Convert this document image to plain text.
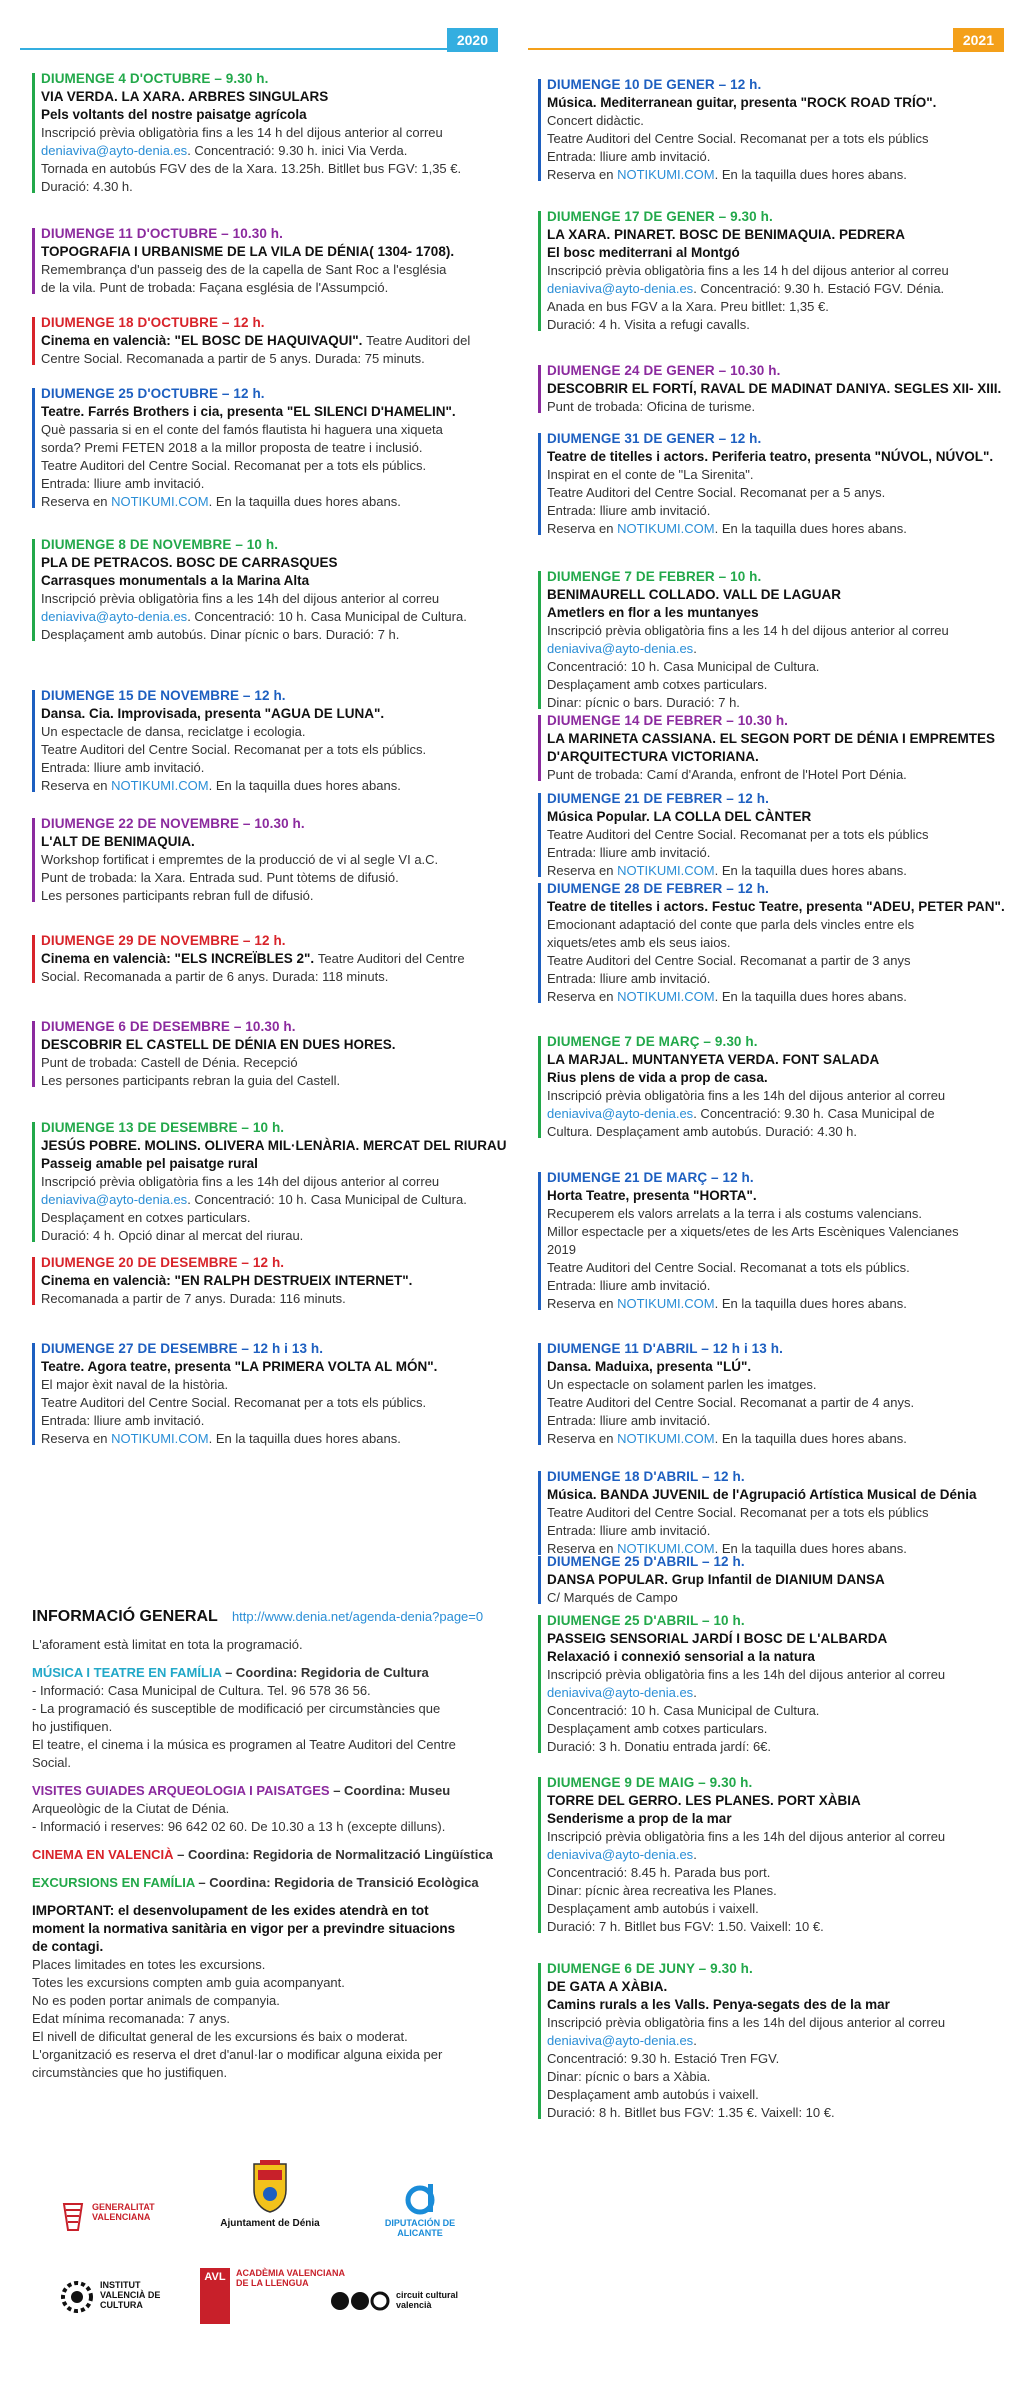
2020	2021
DIUMENGE 4 D'OCTUBRE – 9.30 h.
VIA VERDA. LA XARA. ARBRES SINGULARS
Pels voltants del nostre paisatge agrícola
Inscripció prèvia obligatòria fins a les 14 h del dijous anterior al correu
deniaviva@ayto-denia.es. Concentració: 9.30 h. inici Via Verda.
Tornada en autobús FGV des de la Xara. 13.25h. Bitllet bus FGV: 1,35 €.
Duració: 4.30 h.
DIUMENGE 11 D'OCTUBRE – 10.30 h.
TOPOGRAFIA I URBANISME DE LA VILA DE DÉNIA( 1304- 1708).
Remembrança d'un passeig des de la capella de Sant Roc a l'església
de la vila. Punt de trobada: Façana església de l'Assumpció.
DIUMENGE 18 D'OCTUBRE – 12 h.
Cinema en valencià: "EL BOSC DE HAQUIVAQUI". Teatre Auditori del
Centre Social. Recomanada a partir de 5 anys. Durada: 75 minuts.
DIUMENGE 25 D'OCTUBRE – 12 h.
Teatre. Farrés Brothers i cia, presenta "EL SILENCI D'HAMELIN".
Què passaria si en el conte del famós flautista hi haguera una xiqueta
sorda? Premi FETEN 2018 a la millor proposta de teatre i inclusió.
Teatre Auditori del Centre Social. Recomanat per a tots els públics.
Entrada: lliure amb invitació.
Reserva en NOTIKUMI.COM. En la taquilla dues hores abans.
DIUMENGE 8 DE NOVEMBRE – 10 h.
PLA DE PETRACOS. BOSC DE CARRASQUES
Carrasques monumentals a la Marina Alta
Inscripció prèvia obligatòria fins a les 14h del dijous anterior al correu
deniaviva@ayto-denia.es. Concentració: 10 h. Casa Municipal de Cultura.
Desplaçament amb autobús. Dinar pícnic o bars. Duració: 7 h.
DIUMENGE 15 DE NOVEMBRE – 12 h.
Dansa. Cia. Improvisada, presenta "AGUA DE LUNA".
Un espectacle de dansa, reciclatge i ecologia.
Teatre Auditori del Centre Social. Recomanat per a tots els públics.
Entrada: lliure amb invitació.
Reserva en NOTIKUMI.COM. En la taquilla dues hores abans.
DIUMENGE 22 DE NOVEMBRE – 10.30 h.
L'ALT DE BENIMAQUIA.
Workshop fortificat i empremtes de la producció de vi al segle VI a.C.
Punt de trobada: la Xara. Entrada sud. Punt tòtems de difusió.
Les persones participants rebran full de difusió.
DIUMENGE 29 DE NOVEMBRE – 12 h.
Cinema en valencià: "ELS INCREÏBLES 2". Teatre Auditori del Centre
Social. Recomanada a partir de 6 anys. Durada: 118 minuts.
DIUMENGE 6 DE DESEMBRE – 10.30 h.
DESCOBRIR EL CASTELL DE DÉNIA EN DUES HORES.
Punt de trobada: Castell de Dénia. Recepció
Les persones participants rebran la guia del Castell.
DIUMENGE 13 DE DESEMBRE – 10 h.
JESÚS POBRE. MOLINS. OLIVERA MIL·LENÀRIA. MERCAT DEL RIURAU
Passeig amable pel paisatge rural
Inscripció prèvia obligatòria fins a les 14h del dijous anterior al correu
deniaviva@ayto-denia.es. Concentració: 10 h. Casa Municipal de Cultura.
Desplaçament en cotxes particulars.
Duració: 4 h. Opció dinar al mercat del riurau.
DIUMENGE 20 DE DESEMBRE – 12 h.
Cinema en valencià: "EN RALPH DESTRUEIX INTERNET".
Recomanada a partir de 7 anys. Durada: 116 minuts.
DIUMENGE 27 DE DESEMBRE – 12 h i 13 h.
Teatre. Agora teatre, presenta "LA PRIMERA VOLTA AL MÓN".
El major èxit naval de la història.
Teatre Auditori del Centre Social. Recomanat per a tots els públics.
Entrada: lliure amb invitació.
Reserva en NOTIKUMI.COM. En la taquilla dues hores abans.
DIUMENGE 10 DE GENER – 12 h.
Música. Mediterranean guitar, presenta "ROCK ROAD TRÍO".
Concert didàctic.
Teatre Auditori del Centre Social. Recomanat per a tots els públics
Entrada: lliure amb invitació.
Reserva en NOTIKUMI.COM. En la taquilla dues hores abans.
DIUMENGE 17 DE GENER – 9.30 h.
LA XARA. PINARET. BOSC DE BENIMAQUIA. PEDRERA
El bosc mediterrani al Montgó
Inscripció prèvia obligatòria fins a les 14 h del dijous anterior al correu
deniaviva@ayto-denia.es. Concentració: 9.30 h. Estació FGV. Dénia.
Anada en bus FGV a la Xara. Preu bitllet: 1,35 €.
Duració: 4 h. Visita a refugi cavalls.
DIUMENGE 24 DE GENER – 10.30 h.
DESCOBRIR EL FORTÍ, RAVAL DE MADINAT DANIYA. SEGLES XII- XIII.
Punt de trobada: Oficina de turisme.
DIUMENGE 31 DE GENER – 12 h.
Teatre de titelles i actors. Periferia teatro, presenta "NÚVOL, NÚVOL".
Inspirat en el conte de "La Sirenita".
Teatre Auditori del Centre Social. Recomanat per a 5 anys.
Entrada: lliure amb invitació.
Reserva en NOTIKUMI.COM. En la taquilla dues hores abans.
DIUMENGE 7 DE FEBRER – 10 h.
BENIMAURELL COLLADO. VALL DE LAGUAR
Ametlers en flor a les muntanyes
Inscripció prèvia obligatòria fins a les 14 h del dijous anterior al correu
deniaviva@ayto-denia.es.
Concentració: 10 h. Casa Municipal de Cultura.
Desplaçament amb cotxes particulars.
Dinar: pícnic o bars. Duració: 7 h.
DIUMENGE 14 DE FEBRER – 10.30 h.
LA MARINETA CASSIANA. EL SEGON PORT DE DÉNIA I EMPREMTES
D'ARQUITECTURA VICTORIANA.
Punt de trobada: Camí d'Aranda, enfront de l'Hotel Port Dénia.
DIUMENGE 21 DE FEBRER – 12 h.
Música Popular. LA COLLA DEL CÀNTER
Teatre Auditori del Centre Social. Recomanat per a tots els públics
Entrada: lliure amb invitació.
Reserva en NOTIKUMI.COM. En la taquilla dues hores abans.
DIUMENGE 28 DE FEBRER – 12 h.
Teatre de titelles i actors. Festuc Teatre, presenta "ADEU, PETER PAN".
Emocionant adaptació del conte que parla dels vincles entre els
xiquets/etes amb els seus iaios.
Teatre Auditori del Centre Social. Recomanat a partir de 3 anys
Entrada: lliure amb invitació.
Reserva en NOTIKUMI.COM. En la taquilla dues hores abans.
DIUMENGE 7 DE MARÇ – 9.30 h.
LA MARJAL. MUNTANYETA VERDA. FONT SALADA
Rius plens de vida a prop de casa.
Inscripció prèvia obligatòria fins a les 14h del dijous anterior al correu
deniaviva@ayto-denia.es. Concentració: 9.30 h. Casa Municipal de
Cultura. Desplaçament amb autobús. Duració: 4.30 h.
DIUMENGE 21 DE MARÇ – 12 h.
Horta Teatre, presenta "HORTA".
Recuperem els valors arrelats a la terra i als costums valencians.
Millor espectacle per a xiquets/etes de les Arts Escèniques Valencianes
2019
Teatre Auditori del Centre Social. Recomanat a tots els públics.
Entrada: lliure amb invitació.
Reserva en NOTIKUMI.COM. En la taquilla dues hores abans.
DIUMENGE 11 D'ABRIL – 12 h i 13 h.
Dansa. Maduixa, presenta "LÚ".
Un espectacle on solament parlen les imatges.
Teatre Auditori del Centre Social. Recomanat a partir de 4 anys.
Entrada: lliure amb invitació.
Reserva en NOTIKUMI.COM. En la taquilla dues hores abans.
DIUMENGE 18 D'ABRIL – 12 h.
Música. BANDA JUVENIL de l'Agrupació Artística Musical de Dénia
Teatre Auditori del Centre Social. Recomanat per a tots els públics
Entrada: lliure amb invitació.
Reserva en NOTIKUMI.COM. En la taquilla dues hores abans.
DIUMENGE 25 D'ABRIL – 12 h.
DANSA POPULAR. Grup Infantil de DIANIUM DANSA
C/ Marqués de Campo
DIUMENGE 25 D'ABRIL – 10 h.
PASSEIG SENSORIAL JARDÍ I BOSC DE L'ALBARDA
Relaxació i connexió sensorial a la natura
Inscripció prèvia obligatòria fins a les 14h del dijous anterior al correu
deniaviva@ayto-denia.es.
Concentració: 10 h. Casa Municipal de Cultura.
Desplaçament amb cotxes particulars.
Duració: 3 h. Donatiu entrada jardí: 6€.
DIUMENGE 9 DE MAIG – 9.30 h.
TORRE DEL GERRO. LES PLANES. PORT XÀBIA
Senderisme a prop de la mar
Inscripció prèvia obligatòria fins a les 14h del dijous anterior al correu
deniaviva@ayto-denia.es.
Concentració: 8.45 h. Parada bus port.
Dinar: pícnic àrea recreativa les Planes.
Desplaçament amb autobús i vaixell.
Duració: 7 h. Bitllet bus FGV: 1.50. Vaixell: 10 €.
DIUMENGE 6 DE JUNY – 9.30 h.
DE GATA A XÀBIA.
Camins rurals a les Valls. Penya-segats des de la mar
Inscripció prèvia obligatòria fins a les 14h del dijous anterior al correu
deniaviva@ayto-denia.es.
Concentració: 9.30 h. Estació Tren FGV.
Dinar: pícnic o bars a Xàbia.
Desplaçament amb autobús i vaixell.
Duració: 8 h. Bitllet bus FGV: 1.35 €. Vaixell: 10 €.
INFORMACIÓ GENERAL http://www.denia.net/agenda-denia?page=0

L'aforament està limitat en tota la programació.

MÚSICA I TEATRE EN FAMÍLIA – Coordina: Regidoria de Cultura

- Informació: Casa Municipal de Cultura. Tel. 96 578 36 56.

- La programació és susceptible de modificació per circumstàncies que

ho justifiquen.

El teatre, el cinema i la música es programen al Teatre Auditori del Centre

Social.

VISITES GUIADES ARQUEOLOGIA I PAISATGES – Coordina: Museu

Arqueològic de la Ciutat de Dénia.

- Informació i reserves: 96 642 02 60. De 10.30 a 13 h (excepte dilluns).

CINEMA EN VALENCIÀ – Coordina: Regidoria de Normalització Lingüística

EXCURSIONS EN FAMÍLIA – Coordina: Regidoria de Transició Ecològica

IMPORTANT: el desenvolupament de les exides atendrà en tot

moment la normativa sanitària en vigor per a previndre situacions

de contagi.

Places limitades en totes les excursions.

Totes les excursions compten amb guia acompanyant.

No es poden portar animals de companyia.

Edat mínima recomanada: 7 anys.

El nivell de dificultat general de les excursions és baix o moderat.

L'organització es reserva el dret d'anul·lar o modificar alguna eixida per

circumstàncies que ho justifiquen.

GENERALITAT VALENCIANA
Ajuntament de Dénia	DIPUTACIÓN DE ALICANTE
INSTITUT VALENCIÀ DE CULTURA
AVL	ACADÈMIA VALENCIANA DE LA LLENGUA
circuit cultural valencià
